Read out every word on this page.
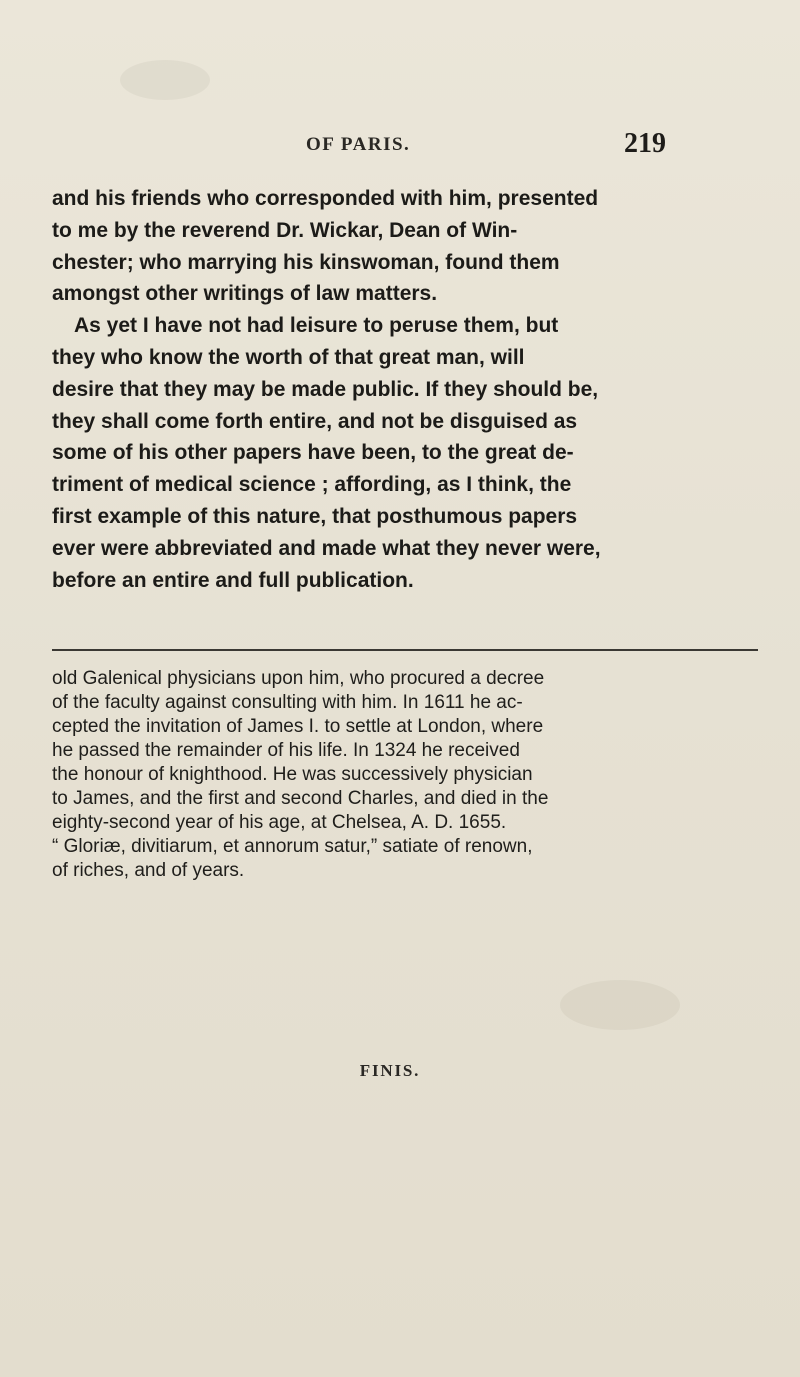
OF PARIS.	219
and his friends who corresponded with him, presented
to me by the reverend Dr. Wickar, Dean of Win-
chester; who marrying his kinswoman, found them
amongst other writings of law matters.
As yet I have not had leisure to peruse them, but
they who know the worth of that great man, will
desire that they may be made public. If they should be,
they shall come forth entire, and not be disguised as
some of his other papers have been, to the great de-
triment of medical science ; affording, as I think, the
first example of this nature, that posthumous papers
ever were abbreviated and made what they never were,
before an entire and full publication.
old Galenical physicians upon him, who procured a decree
of the faculty against consulting with him. In 1611 he ac-
cepted the invitation of James I. to settle at London, where
he passed the remainder of his life. In 1324 he received
the honour of knighthood. He was successively physician
to James, and the first and second Charles, and died in the
eighty-second year of his age, at Chelsea, A. D. 1655.
“ Gloriæ, divitiarum, et annorum satur,” satiate of renown,
of riches, and of years.
FINIS.
